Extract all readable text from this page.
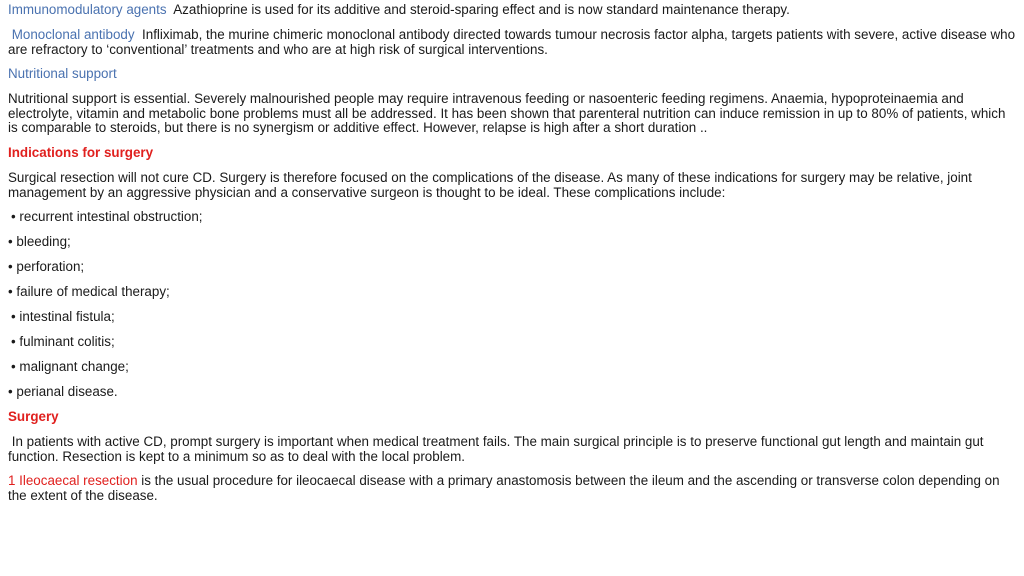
Immunomodulatory agents Azathioprine is used for its additive and steroid-sparing effect and is now standard maintenance therapy.
Monoclonal antibody Infliximab, the murine chimeric monoclonal antibody directed towards tumour necrosis factor alpha, targets patients with severe, active disease who are refractory to ‘conventional’ treatments and who are at high risk of surgical interventions.
Nutritional support
Nutritional support is essential. Severely malnourished people may require intravenous feeding or nasoenteric feeding regimens. Anaemia, hypoproteinaemia and electrolyte, vitamin and metabolic bone problems must all be addressed. It has been shown that parenteral nutrition can induce remission in up to 80% of patients, which is comparable to steroids, but there is no synergism or additive effect. However, relapse is high after a short duration ..
Indications for surgery
Surgical resection will not cure CD. Surgery is therefore focused on the complications of the disease. As many of these indications for surgery may be relative, joint management by an aggressive physician and a conservative surgeon is thought to be ideal. These complications include:
• recurrent intestinal obstruction;
• bleeding;
• perforation;
• failure of medical therapy;
• intestinal fistula;
• fulminant colitis;
• malignant change;
• perianal disease.
Surgery
In patients with active CD, prompt surgery is important when medical treatment fails. The main surgical principle is to preserve functional gut length and maintain gut function. Resection is kept to a minimum so as to deal with the local problem.
1 Ileocaecal resection is the usual procedure for ileocaecal disease with a primary anastomosis between the ileum and the ascending or transverse colon depending on the extent of the disease.
